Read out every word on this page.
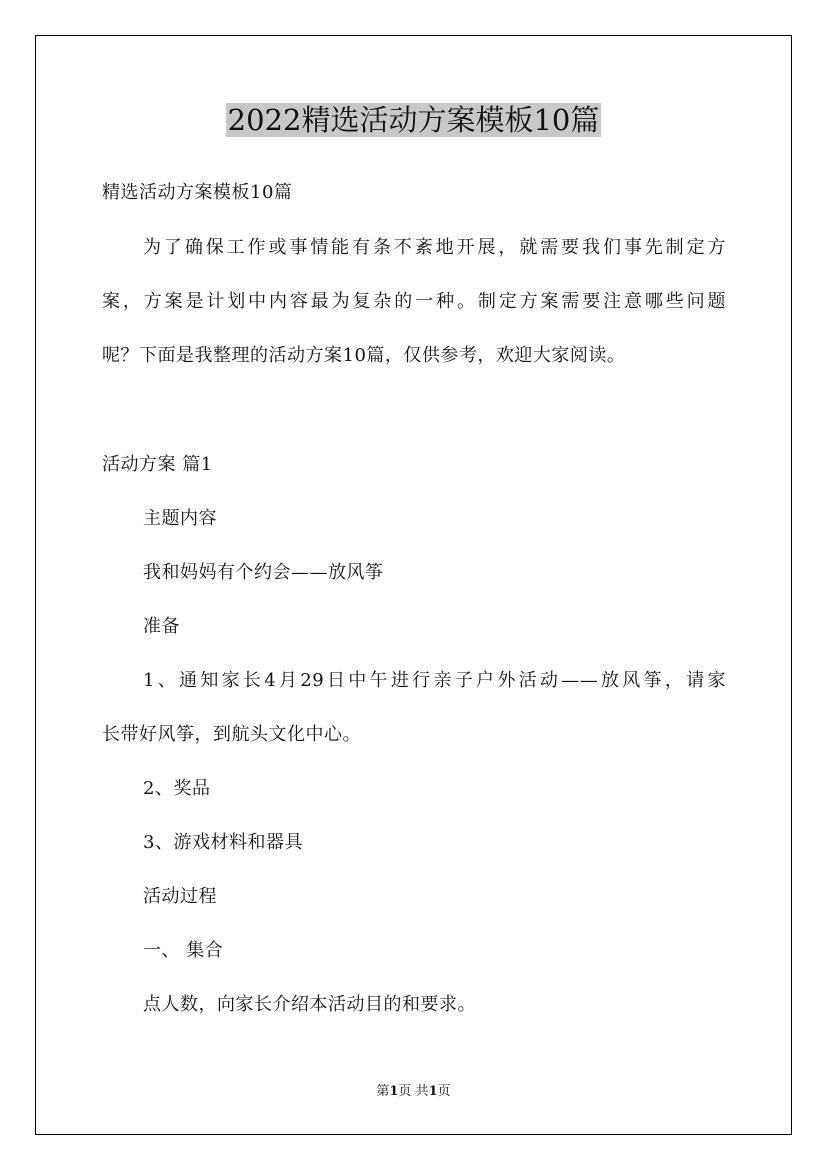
2022精选活动方案模板10篇
精选活动方案模板10篇
为了确保工作或事情能有条不紊地开展，就需要我们事先制定方
案，方案是计划中内容最为复杂的一种。制定方案需要注意哪些问题
呢？下面是我整理的活动方案10篇，仅供参考，欢迎大家阅读。
活动方案 篇1
主题内容
我和妈妈有个约会——放风筝
准备
1、通知家长4月29日中午进行亲子户外活动——放风筝，请家
长带好风筝，到航头文化中心。
2、奖品
3、游戏材料和器具
活动过程
一、 集合
点人数，向家长介绍本活动目的和要求。
第1页 共1页
